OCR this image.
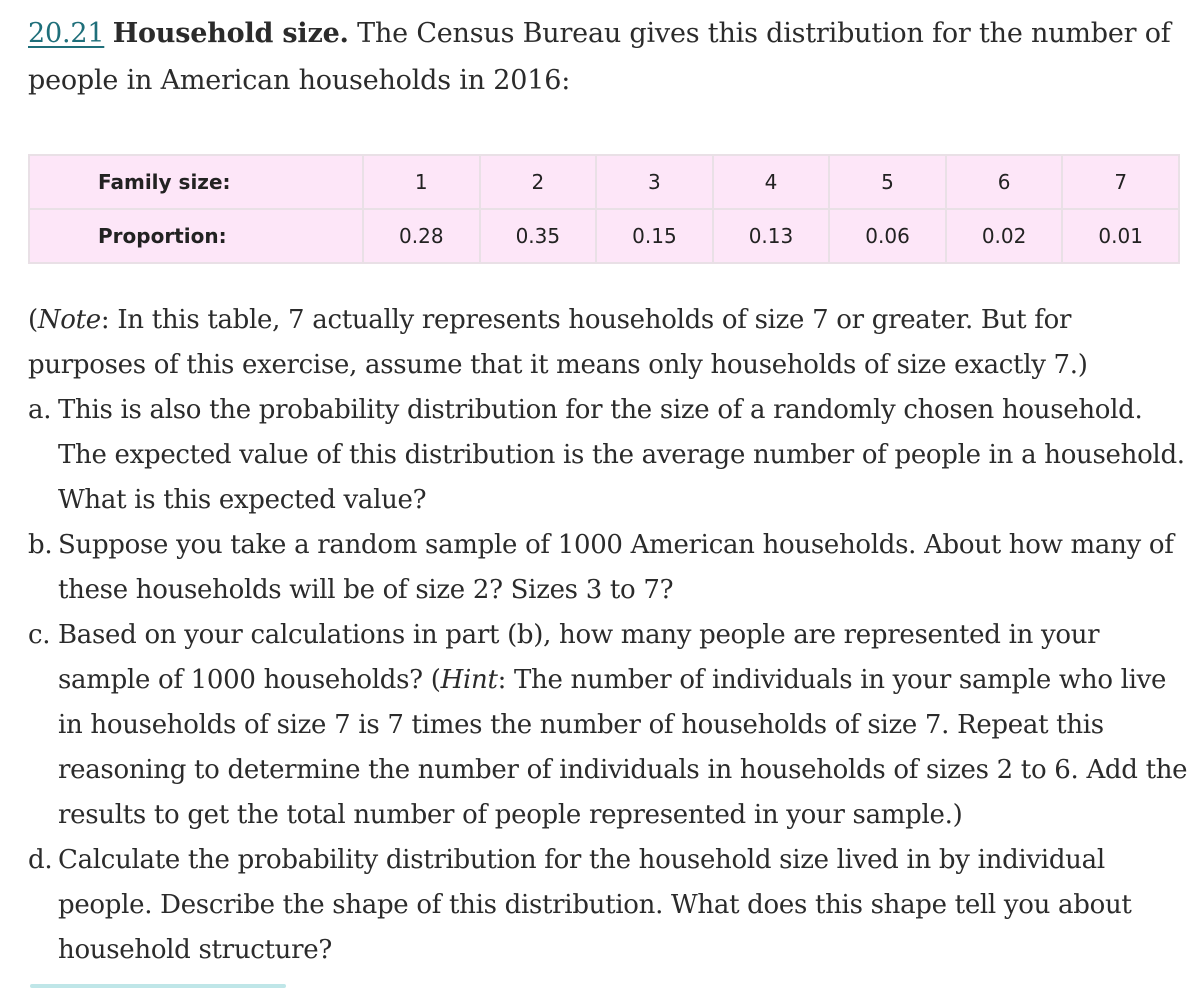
20.21 Household size. The Census Bureau gives this distribution for the number of people in American households in 2016:
Family size:	1	2	3	4	5	6	7
Proportion:	0.28	0.35	0.15	0.13	0.06	0.02	0.01

(Note: In this table, 7 actually represents households of size 7 or greater. But for purposes of this exercise, assume that it means only households of size exactly 7.)

a. This is also the probability distribution for the size of a randomly chosen household. The expected value of this distribution is the average number of people in a household. What is this expected value?
b. Suppose you take a random sample of 1000 American households. About how many of these households will be of size 2? Sizes 3 to 7?
c. Based on your calculations in part (b), how many people are represented in your sample of 1000 households? (Hint: The number of individuals in your sample who live in households of size 7 is 7 times the number of households of size 7. Repeat this reasoning to determine the number of individuals in households of sizes 2 to 6. Add the results to get the total number of people represented in your sample.)
d. Calculate the probability distribution for the household size lived in by individual people. Describe the shape of this distribution. What does this shape tell you about household structure?
